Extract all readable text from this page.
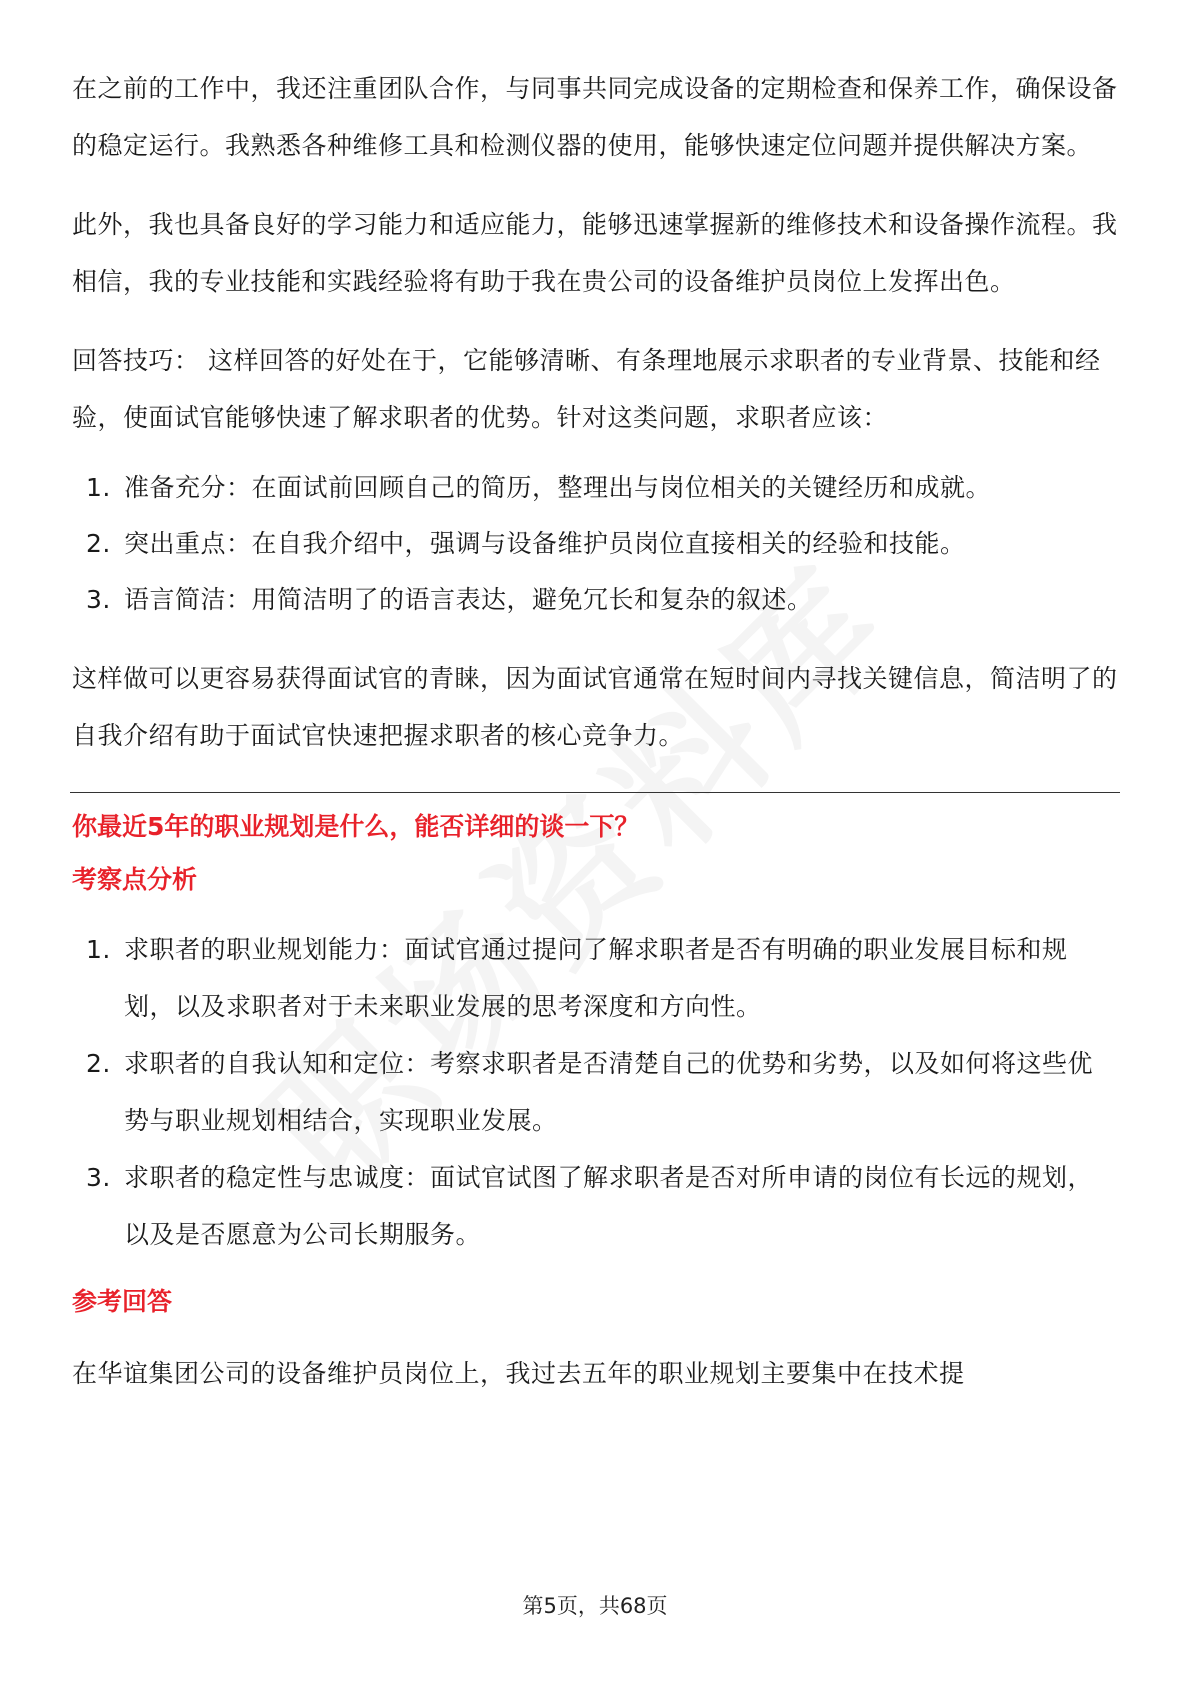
在之前的工作中，我还注重团队合作，与同事共同完成设备的定期检查和保养工作，确保设备的稳定运行。我熟悉各种维修工具和检测仪器的使用，能够快速定位问题并提供解决方案。

此外，我也具备良好的学习能力和适应能力，能够迅速掌握新的维修技术和设备操作流程。我相信，我的专业技能和实践经验将有助于我在贵公司的设备维护员岗位上发挥出色。

回答技巧： 这样回答的好处在于，它能够清晰、有条理地展示求职者的专业背景、技能和经验，使面试官能够快速了解求职者的优势。针对这类问题，求职者应该：

1. 准备充分：在面试前回顾自己的简历，整理出与岗位相关的关键经历和成就。
2. 突出重点：在自我介绍中，强调与设备维护员岗位直接相关的经验和技能。
3. 语言简洁：用简洁明了的语言表达，避免冗长和复杂的叙述。

这样做可以更容易获得面试官的青睐，因为面试官通常在短时间内寻找关键信息，简洁明了的自我介绍有助于面试官快速把握求职者的核心竞争力。

你最近5年的职业规划是什么，能否详细的谈一下？

考察点分析

1. 求职者的职业规划能力：面试官通过提问了解求职者是否有明确的职业发展目标和规划，以及求职者对于未来职业发展的思考深度和方向性。
2. 求职者的自我认知和定位：考察求职者是否清楚自己的优势和劣势，以及如何将这些优势与职业规划相结合，实现职业发展。
3. 求职者的稳定性与忠诚度：面试官试图了解求职者是否对所申请的岗位有长远的规划，以及是否愿意为公司长期服务。

参考回答

在华谊集团公司的设备维护员岗位上，我过去五年的职业规划主要集中在技术提

第5页，共68页
